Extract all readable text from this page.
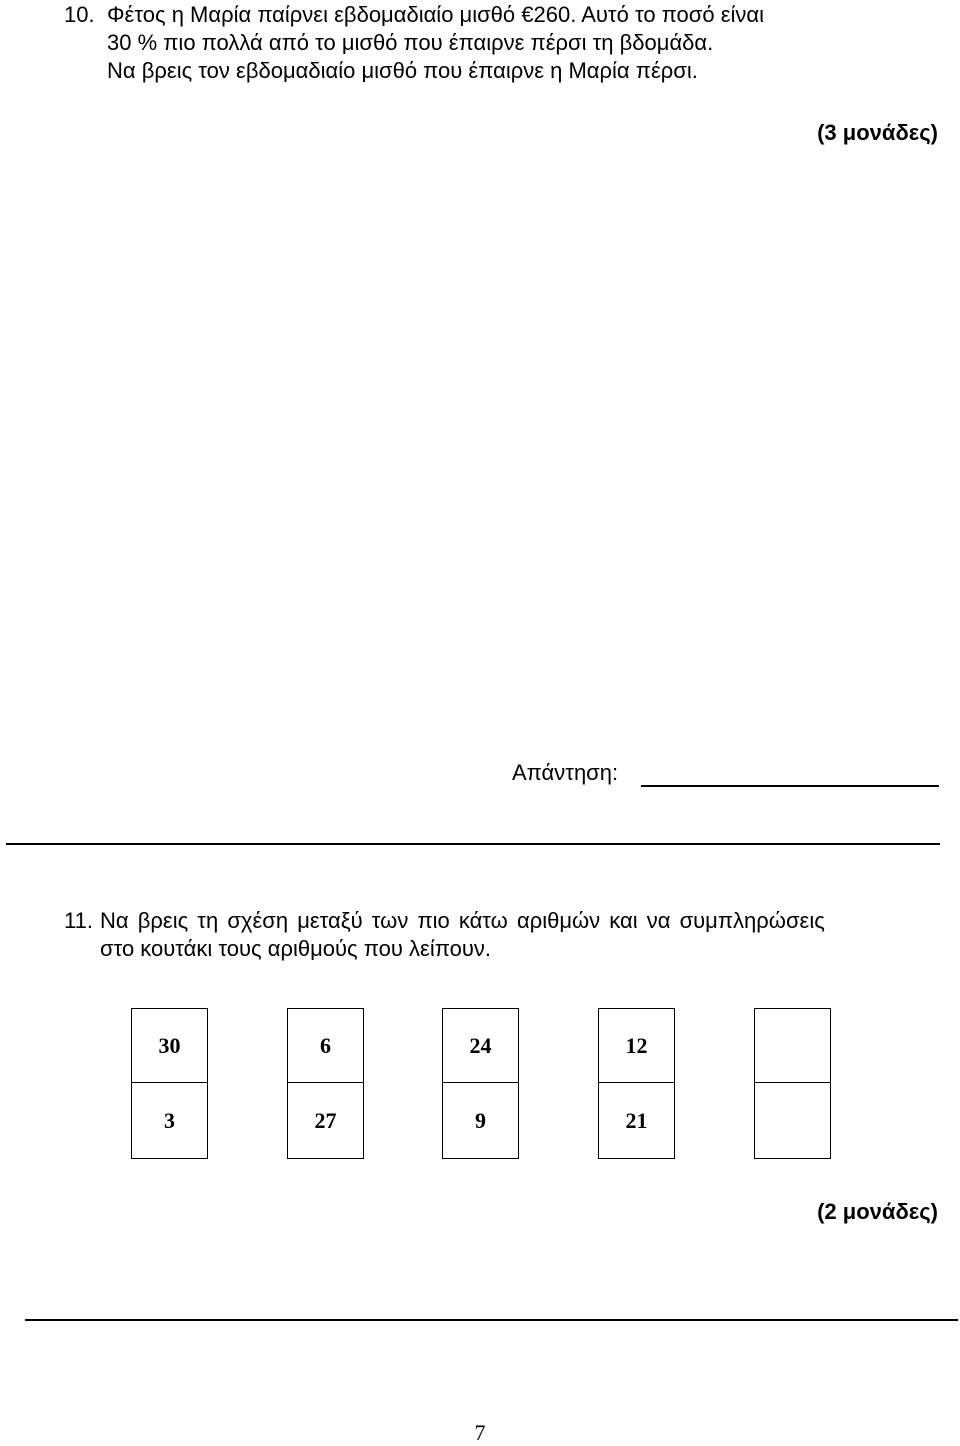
10. Φέτος η Μαρία παίρνει εβδομαδιαίο μισθό €260. Αυτό το ποσό είναι
30 % πιο πολλά από το μισθό που έπαιρνε πέρσι τη βδομάδα.
Να βρεις τον εβδομαδιαίο μισθό που έπαιρνε η Μαρία πέρσι.
(3 μονάδες)
Απάντηση:
11. Να βρεις τη σχέση μεταξύ των πιο κάτω αριθμών και να συμπληρώσεις
στο κουτάκι τους αριθμούς που λείπουν.
30
3
6
27
24
9
12
21
(2 μονάδες)
7
